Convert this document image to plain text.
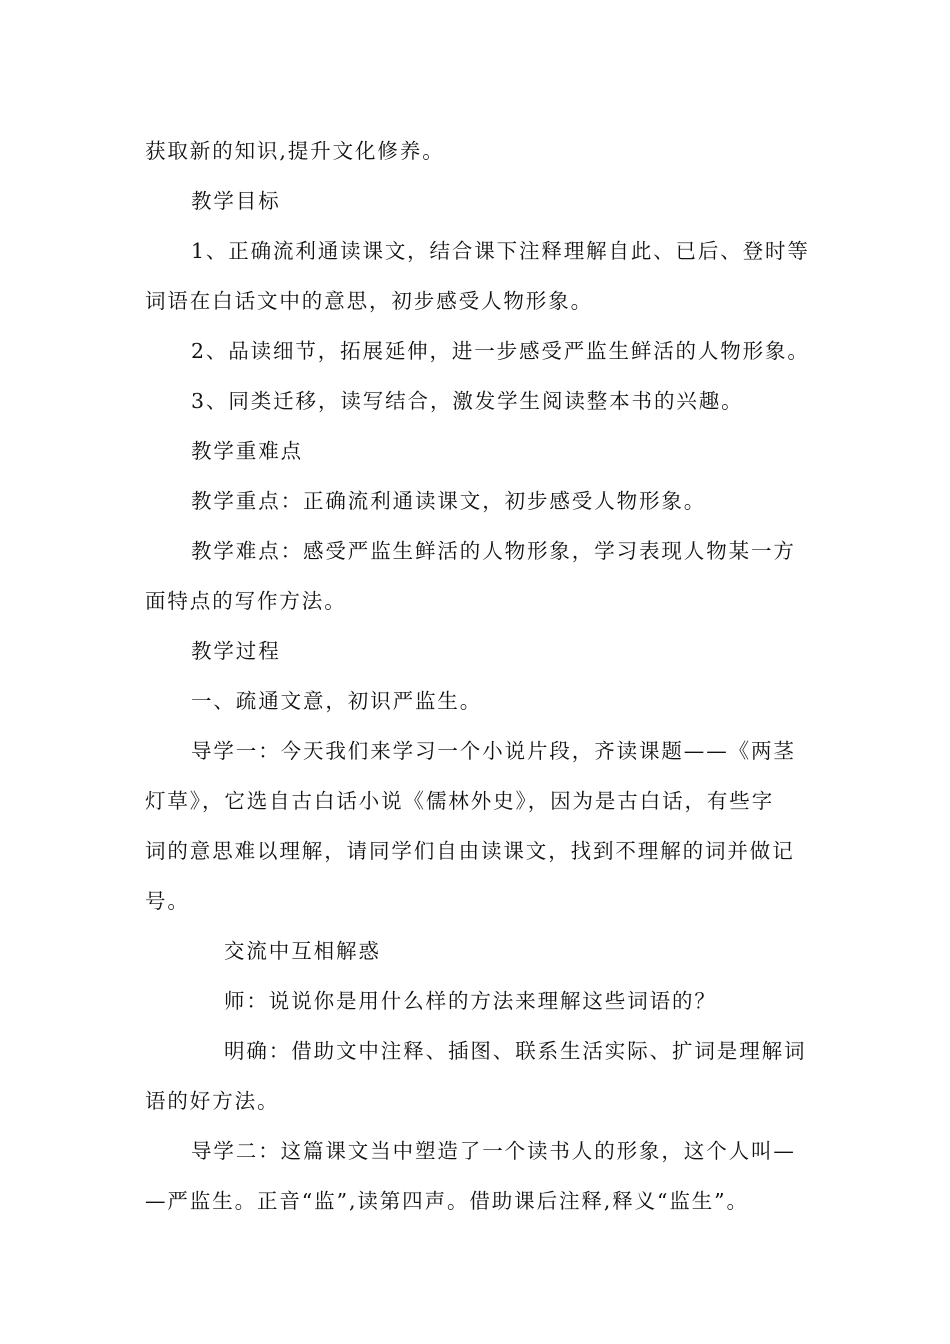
获取新的知识,提升文化修养。
教学目标
1、正确流利通读课文，结合课下注释理解自此、已后、登时等
词语在白话文中的意思，初步感受人物形象。
2、品读细节，拓展延伸，进一步感受严监生鲜活的人物形象。
3、同类迁移，读写结合，激发学生阅读整本书的兴趣。
教学重难点
教学重点：正确流利通读课文，初步感受人物形象。
教学难点：感受严监生鲜活的人物形象，学习表现人物某一方
面特点的写作方法。
教学过程
一、疏通文意，初识严监生。
导学一：今天我们来学习一个小说片段，齐读课题——《两茎
灯草》，它选自古白话小说《儒林外史》，因为是古白话，有些字
词的意思难以理解，请同学们自由读课文，找到不理解的词并做记
号。
交流中互相解惑
师：说说你是用什么样的方法来理解这些词语的？
明确：借助文中注释、插图、联系生活实际、扩词是理解词
语的好方法。
导学二：这篇课文当中塑造了一个读书人的形象，这个人叫—
—严监生。正音“监”,读第四声。借助课后注释,释义“监生”。
